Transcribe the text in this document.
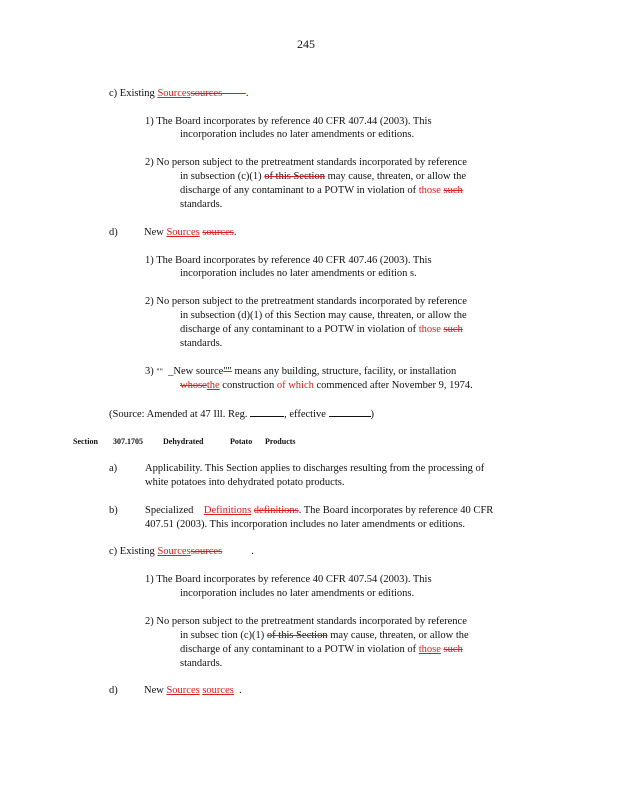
245
c) Existing Sourcessources .
1) The Board incorporates by reference 40 CFR 407.44 (2003). This
incorporation includes no later amendments or editions.
2) No person subject to the pretreatment standards incorporated by reference
in subsection (c)(1) of this Section may cause, threaten, or allow the
discharge of any contaminant to a POTW in violation of those such
standards.
d)	New Sources sources.
1) The Board incorporates by reference 40 CFR 407.46 (2003). This
incorporation includes no later amendments or edition s.
2) No person subject to the pretreatment standards incorporated by reference
in subsection (d)(1) of this Section may cause, threaten, or allow the
discharge of any contaminant to a POTW in violation of those such
standards.
3) ""  _New source"" means any building, structure, facility, or installation
whosethe construction of which commenced after November 9, 1974.
(Source: Amended at 47 Ill. Reg.	, effective	)
Section 307.1705	Dehydrated	Potato Products
a)	Applicability. This Section applies to discharges resulting from the processing of
white potatoes into dehydrated potato products.
b)	Specialized Definitions definitions. The Board incorporates by reference 40 CFR
407.51 (2003). This incorporation includes no later amendments or editions.
c) Existing Sourcessources           .
1) The Board incorporates by reference 40 CFR 407.54 (2003). This
incorporation includes no later amendments or editions.
2) No person subject to the pretreatment standards incorporated by reference
in subsec tion (c)(1) of this Section may cause, threaten, or allow the
discharge of any contaminant to a POTW in violation of those such
standards.
d)	New Sources sources  .
